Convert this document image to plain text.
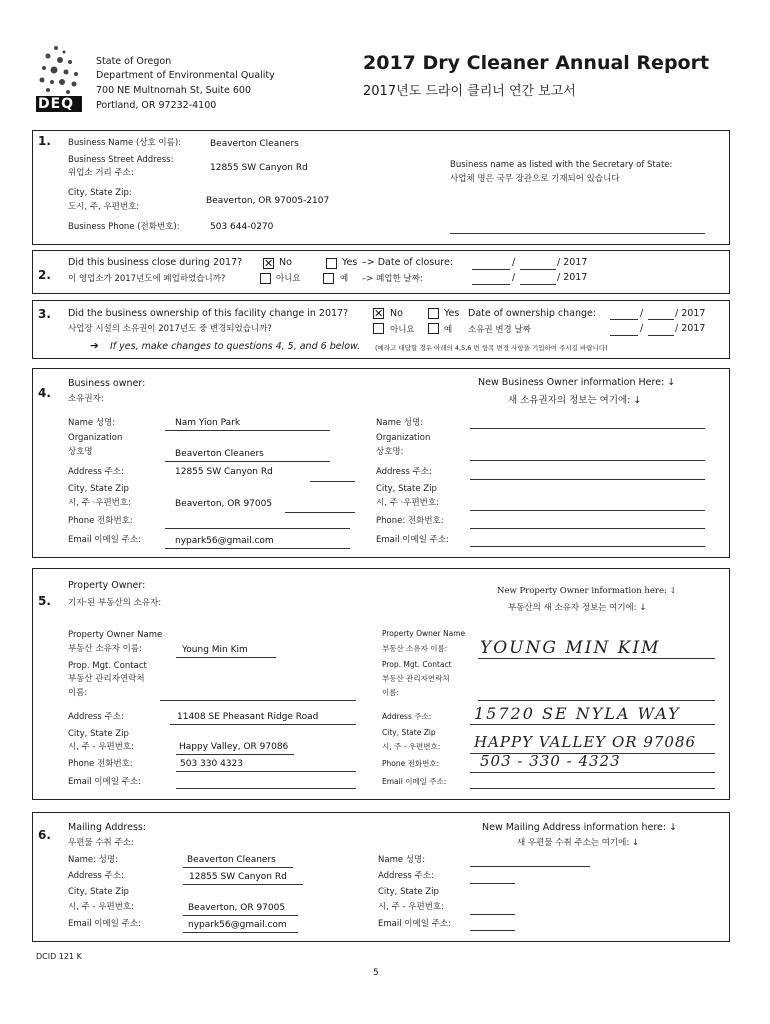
DEQ
State of Oregon
Department of Environmental Quality
700 NE Multnomah St, Suite 600
Portland, OR 97232-4100
2017 Dry Cleaner Annual Report
2017년도 드라이 클리너 연간 보고서
1. Business Name (상호 이름):	Beaverton Cleaners
Business Street Address:
위업소 거리 주소:	12855 SW Canyon Rd
City, State Zip:
도시, 주, 우편번호:
Beaverton, OR 97005-2107
Business Phone (전화번호):	503 644-0270
Business name as listed with the Secretary of State:
사업체 명은 국무 장관으로 기재되어 있습니다
2.
Did this business close during 2017?
이 영업소가 2017년도에 폐업하였습니까?
✕ No
아니요
Yes
예
–> Date of closure:
–> 폐업한 날짜:
/	/ 2017
/	/ 2017
3. Did the business ownership of this facility change in 2017?
사업장 시설의 소유권이 2017년도 중 변경되었습니까?
✕ No
아니요
Yes
예
Date of ownership change:
소유권 변경 날짜
/	/ 2017
/	/ 2017
➔ If yes, make changes to questions 4, 5, and 6 below. (예라고 대답할 경우 아래의 4,5,6 번 항목 변경 사항을 기입하여 주시길 바랍니다)
4.
Business owner:
소유권자:
New Business Owner information Here: ↓
새 소유권자의 정보는 여기에: ↓
Name 성명:	Nam Yion Park
Organization
상호명	Beaverton Cleaners
Address 주소:	12855 SW Canyon Rd
City, State Zip
시, 주 ·우편번호:	Beaverton, OR 97005
Phone 전화번호:
Email 이메일 주소:	nypark56@gmail.com
Name 성명:
Organization
상호명:
Address 주소:
City, State Zip
시, 주 ·우편번호:
Phone: 전화번호:
Email 이메일 주소:
5.
Property Owner:
기자·된 부동산의 소유자:
New Property Owner information here: ↓
부동산의 새 소유자 정보는 여기에: ↓
Property Owner Name
부동산 소유자 이름:	Young Min Kim
Prop. Mgt. Contact
부동산 관리자연락처
이름:
Address 주소:	11408 SE Pheasant Ridge Road
City, State Zip
시, 주 - 우편번호:	Happy Valley, OR 97086
Phone 전화번호:	503 330 4323
Email 이메일 주소:
Property Owner Name
부동산 소유자 이름: YOUNG MIN KIM
Prop. Mgt. Contact
부동산 관리자연락처
이름:
Address 주소:	15720 SE NYLA WAY
City, State Zip
시, 주 - 우편번호: HAPPY VALLEY OR 97086
Phone 전화번호:	503 - 330 - 4323
Email 이메일 주소:
6.
Mailing Address:
우편물 수취 주소:
New Mailing Address information here: ↓
새 우편물 수취 주소는 여기에: ↓
Name: 성명:	Beaverton Cleaners
Address 주소:	12855 SW Canyon Rd
City, State Zip
시, 주 - 우편번호:	Beaverton, OR 97005
Email 이메일 주소:	nypark56@gmail.com
Name 성명:
Address 주소:
City, State Zip
시, 주 - 우편번호:
Email 이메일 주소:
DCID 121 K
5
